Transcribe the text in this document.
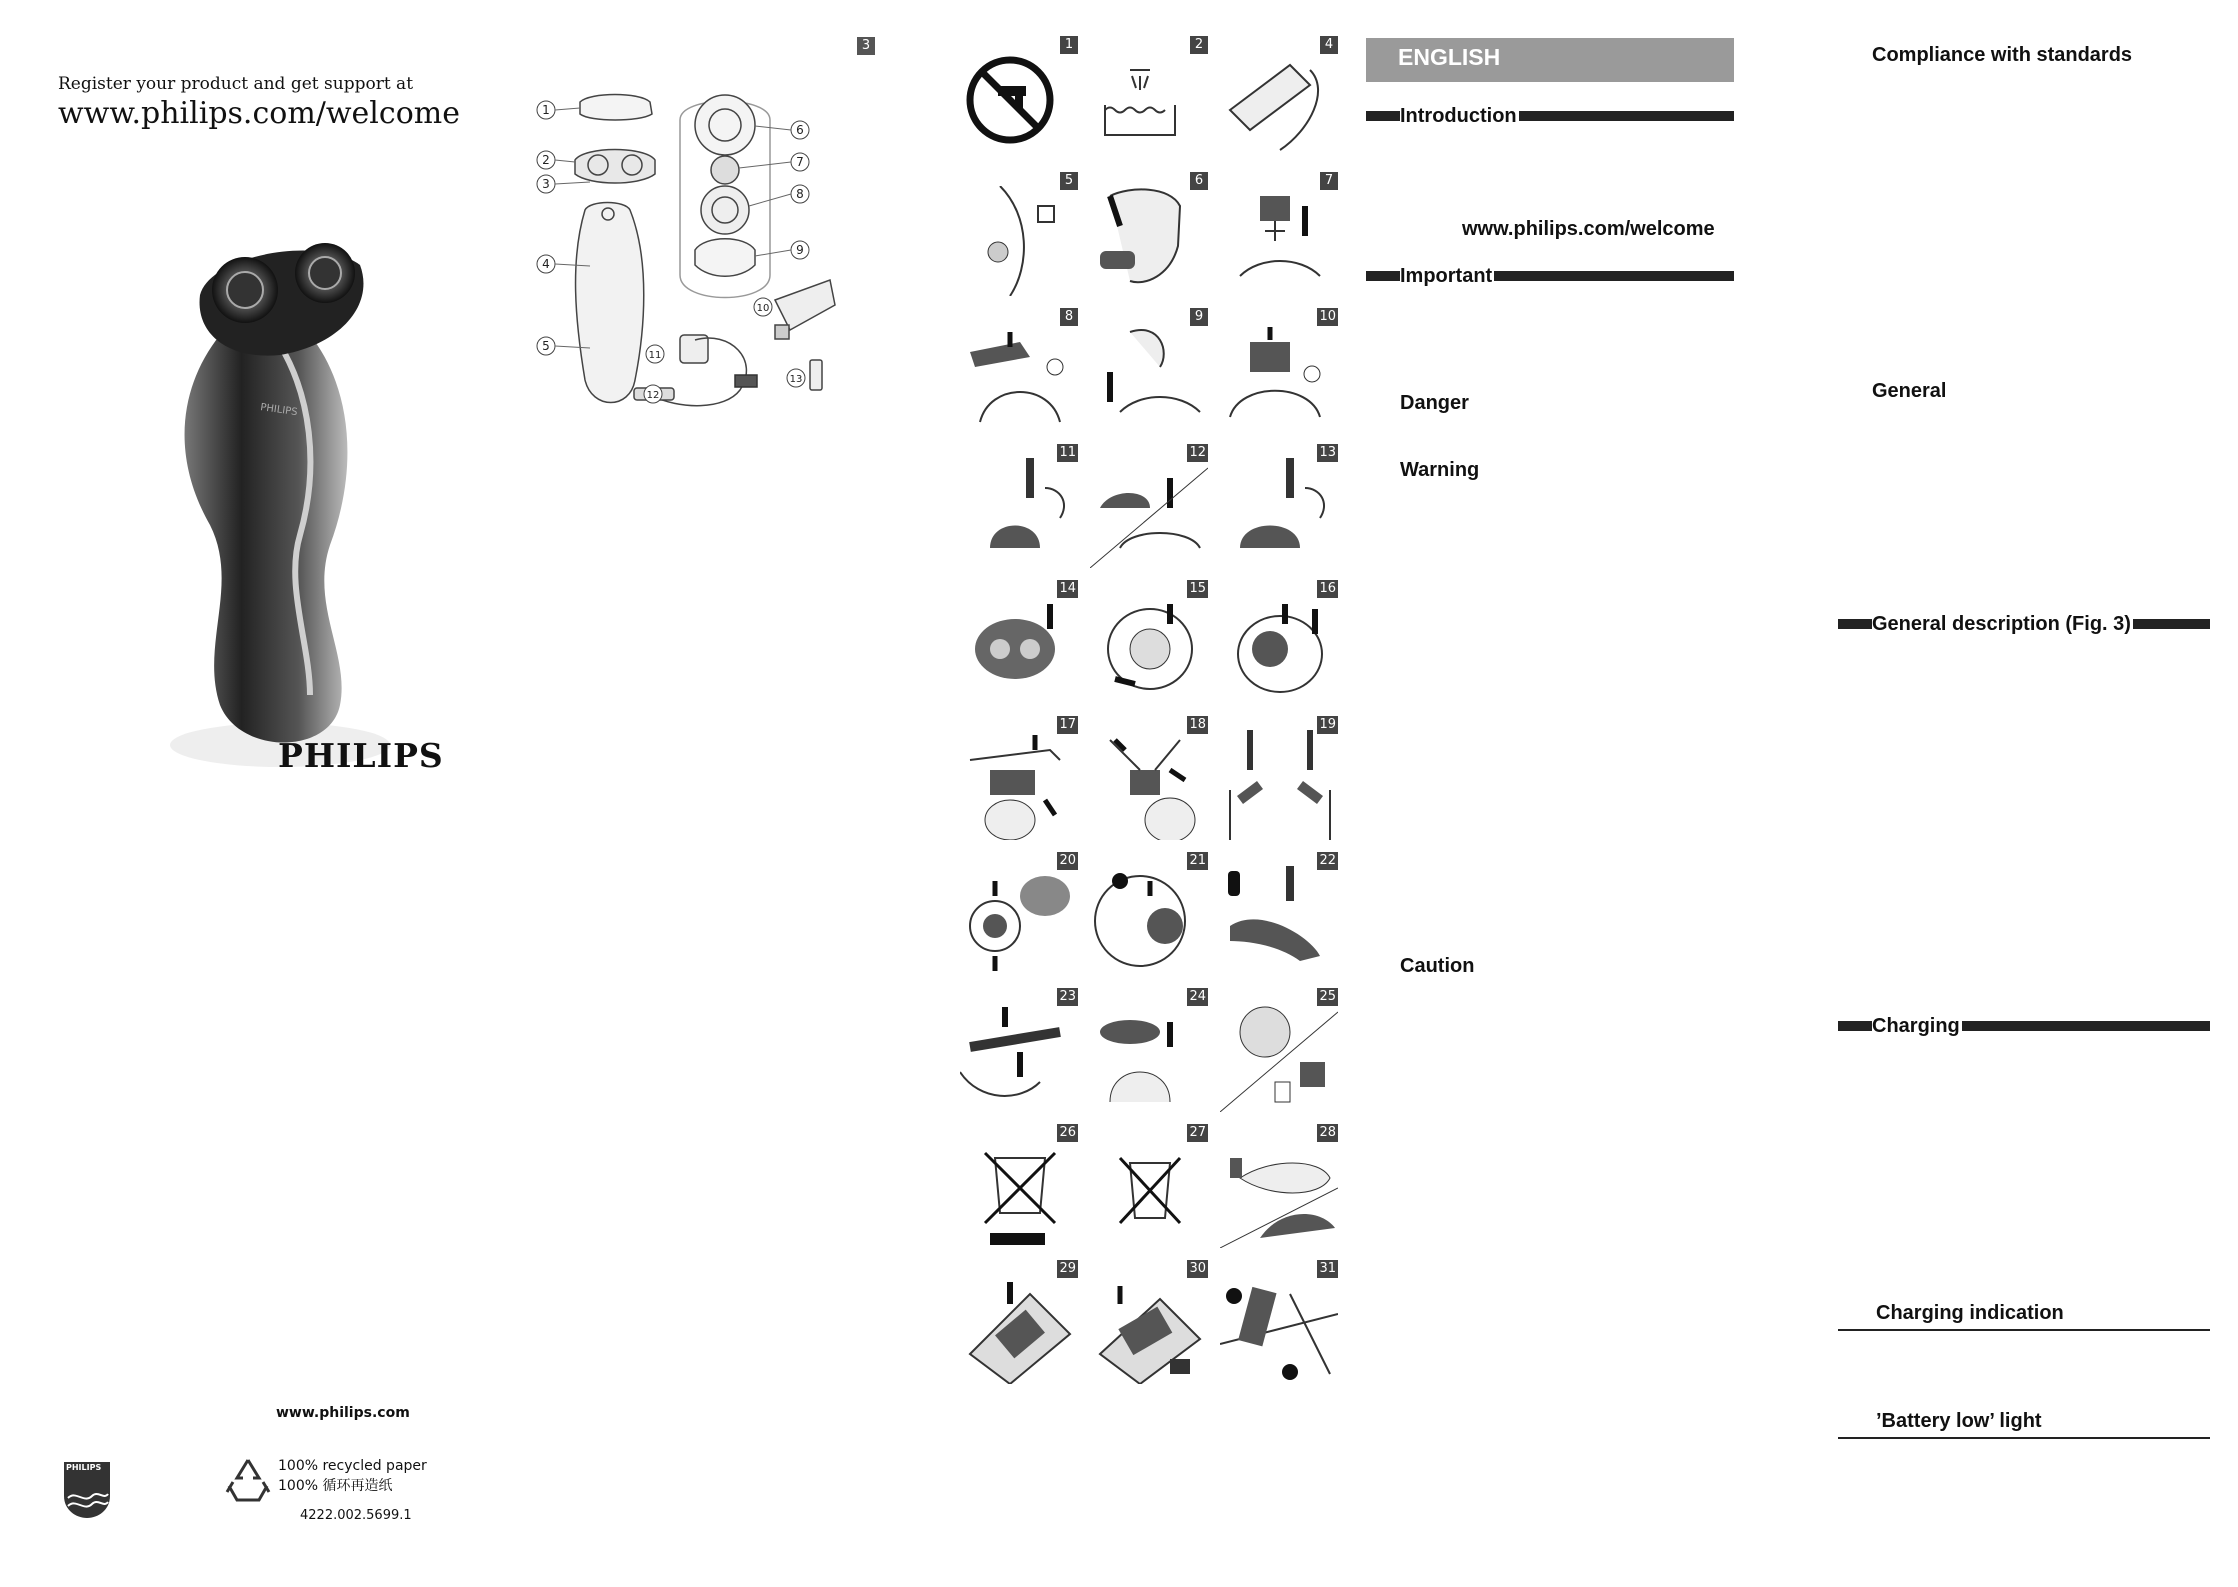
Register your product and get support at
www.philips.com/welcome
PHILIPS
PHILIPS
www.philips.com
PHILIPS	100% recycled paper
100% 循环再造纸
4222.002.5699.1
3
1
2
3
4
5
6
7
8
9
10
11
12
13
1	2	4
5	6	7
8	9	10
11	12	13
14	15	16
17	18	19
20	21	22
23	24	25
26	27	28
29	30	31
ENGLISH
Introduction
www.philips.com/welcome
Important
Danger
Warning
Caution
Compliance with standards
General
General description (Fig. 3)
Charging
Charging indication
’Battery low’ light
